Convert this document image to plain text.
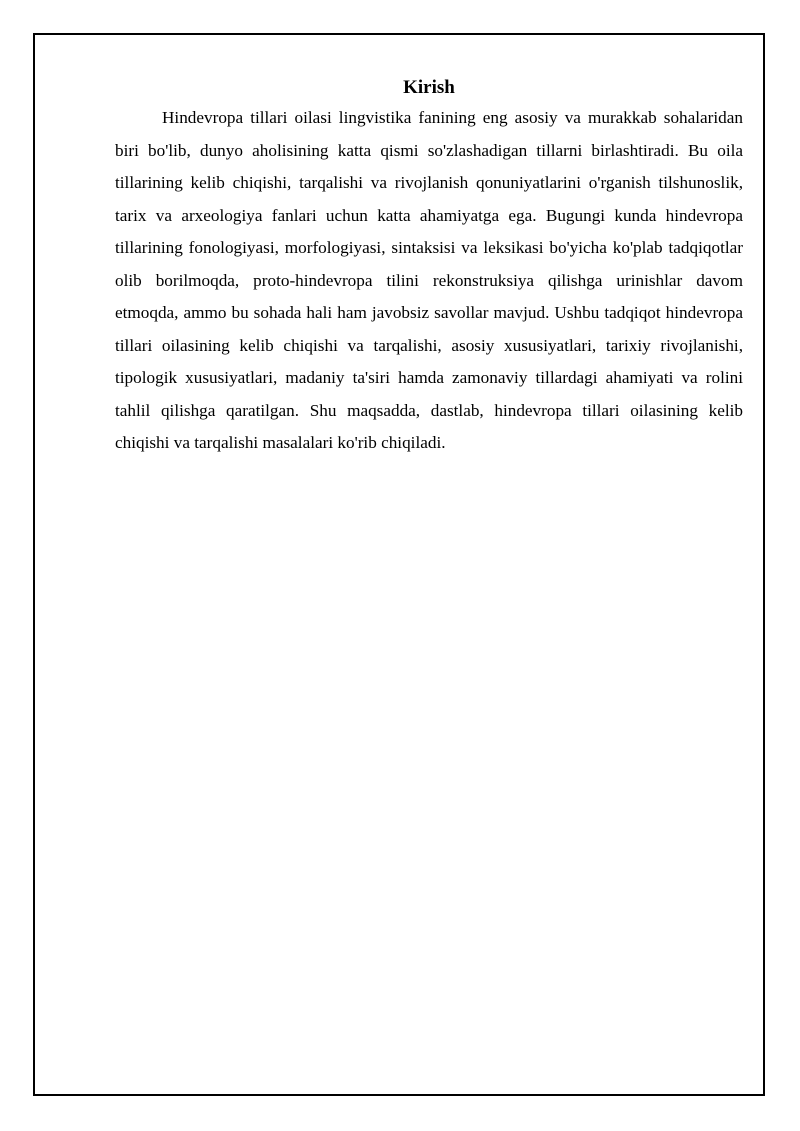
Kirish

Hindevropa tillari oilasi lingvistika fanining eng asosiy va murakkab sohalaridan biri bo'lib, dunyo aholisining katta qismi so'zlashadigan tillarni birlashtiradi. Bu oila tillarining kelib chiqishi, tarqalishi va rivojlanish qonuniyatlarini o'rganish tilshunoslik, tarix va arxeologiya fanlari uchun katta ahamiyatga ega. Bugungi kunda hindevropa tillarining fonologiyasi, morfologiyasi, sintaksisi va leksikasi bo'yicha ko'plab tadqiqotlar olib borilmoqda, proto-hindevropa tilini rekonstruksiya qilishga urinishlar davom etmoqda, ammo bu sohada hali ham javobsiz savollar mavjud. Ushbu tadqiqot hindevropa tillari oilasining kelib chiqishi va tarqalishi, asosiy xususiyatlari, tarixiy rivojlanishi, tipologik xususiyatlari, madaniy ta'siri hamda zamonaviy tillardagi ahamiyati va rolini tahlil qilishga qaratilgan. Shu maqsadda, dastlab, hindevropa tillari oilasining kelib chiqishi va tarqalishi masalalari ko'rib chiqiladi.
